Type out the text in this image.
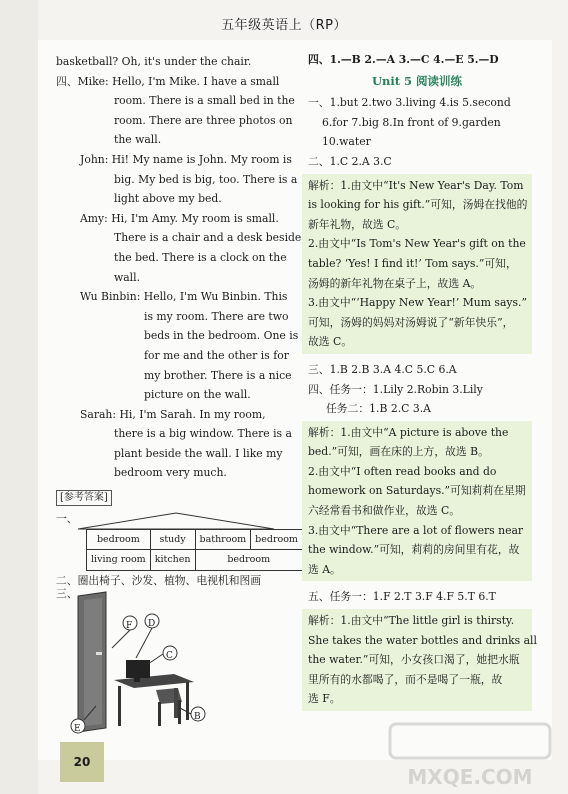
五年级英语上（RP）
basketball? Oh, it's under the chair.
四、Mike: Hello, I'm Mike. I have a small
room. There is a small bed in the
room. There are three photos on
the wall.
John: Hi! My name is John. My room is
big. My bed is big, too. There is a
light above my bed.
Amy: Hi, I'm Amy. My room is small.
There is a chair and a desk beside
the bed. There is a clock on the
wall.
Wu Binbin: Hello, I'm Wu Binbin. This
is my room. There are two
beds in the bedroom. One is
for me and the other is for
my brother. There is a nice
picture on the wall.
Sarah: Hi, I'm Sarah. In my room,
there is a big window. There is a
plant beside the wall. I like my
bedroom very much.
[参考答案]
一、
bedroom	study	bathroom	bedroom
living room	kitchen	bedroom	
二、圈出椅子、沙发、植物、电视机和图画
三、
F D
C
E
B
四、1.—B 2.—A 3.—C 4.—E 5.—D
Unit 5 阅读训练
一、1.but 2.two 3.living 4.is 5.second
6.for 7.big 8.In front of 9.garden
10.water
二、1.C 2.A 3.C

解析：1.由文中“It's New Year's Day. Tom

is looking for his gift.”可知，汤姆在找他的

新年礼物，故选 C。

2.由文中“Is Tom's New Year's gift on the

table? ‘Yes! I find it!’ Tom says.”可知，

汤姆的新年礼物在桌子上，故选 A。

3.由文中“‘Happy New Year!’ Mum says.”

可知，汤姆的妈妈对汤姆说了“新年快乐”，

故选 C。

三、1.B 2.B 3.A 4.C 5.C 6.A
四、任务一：1.Lily 2.Robin 3.Lily
任务二：1.B 2.C 3.A

解析：1.由文中“A picture is above the

bed.”可知，画在床的上方，故选 B。

2.由文中“I often read books and do

homework on Saturdays.”可知莉莉在星期

六经常看书和做作业，故选 C。

3.由文中“There are a lot of flowers near

the window.”可知，莉莉的房间里有花，故

选 A。

五、任务一：1.F 2.T 3.F 4.F 5.T 6.T

解析：1.由文中“The little girl is thirsty.

She takes the water bottles and drinks all

the water.”可知，小女孩口渴了，她把水瓶

里所有的水都喝了，而不是喝了一瓶，故

选 F。

20
MXQE.COM
